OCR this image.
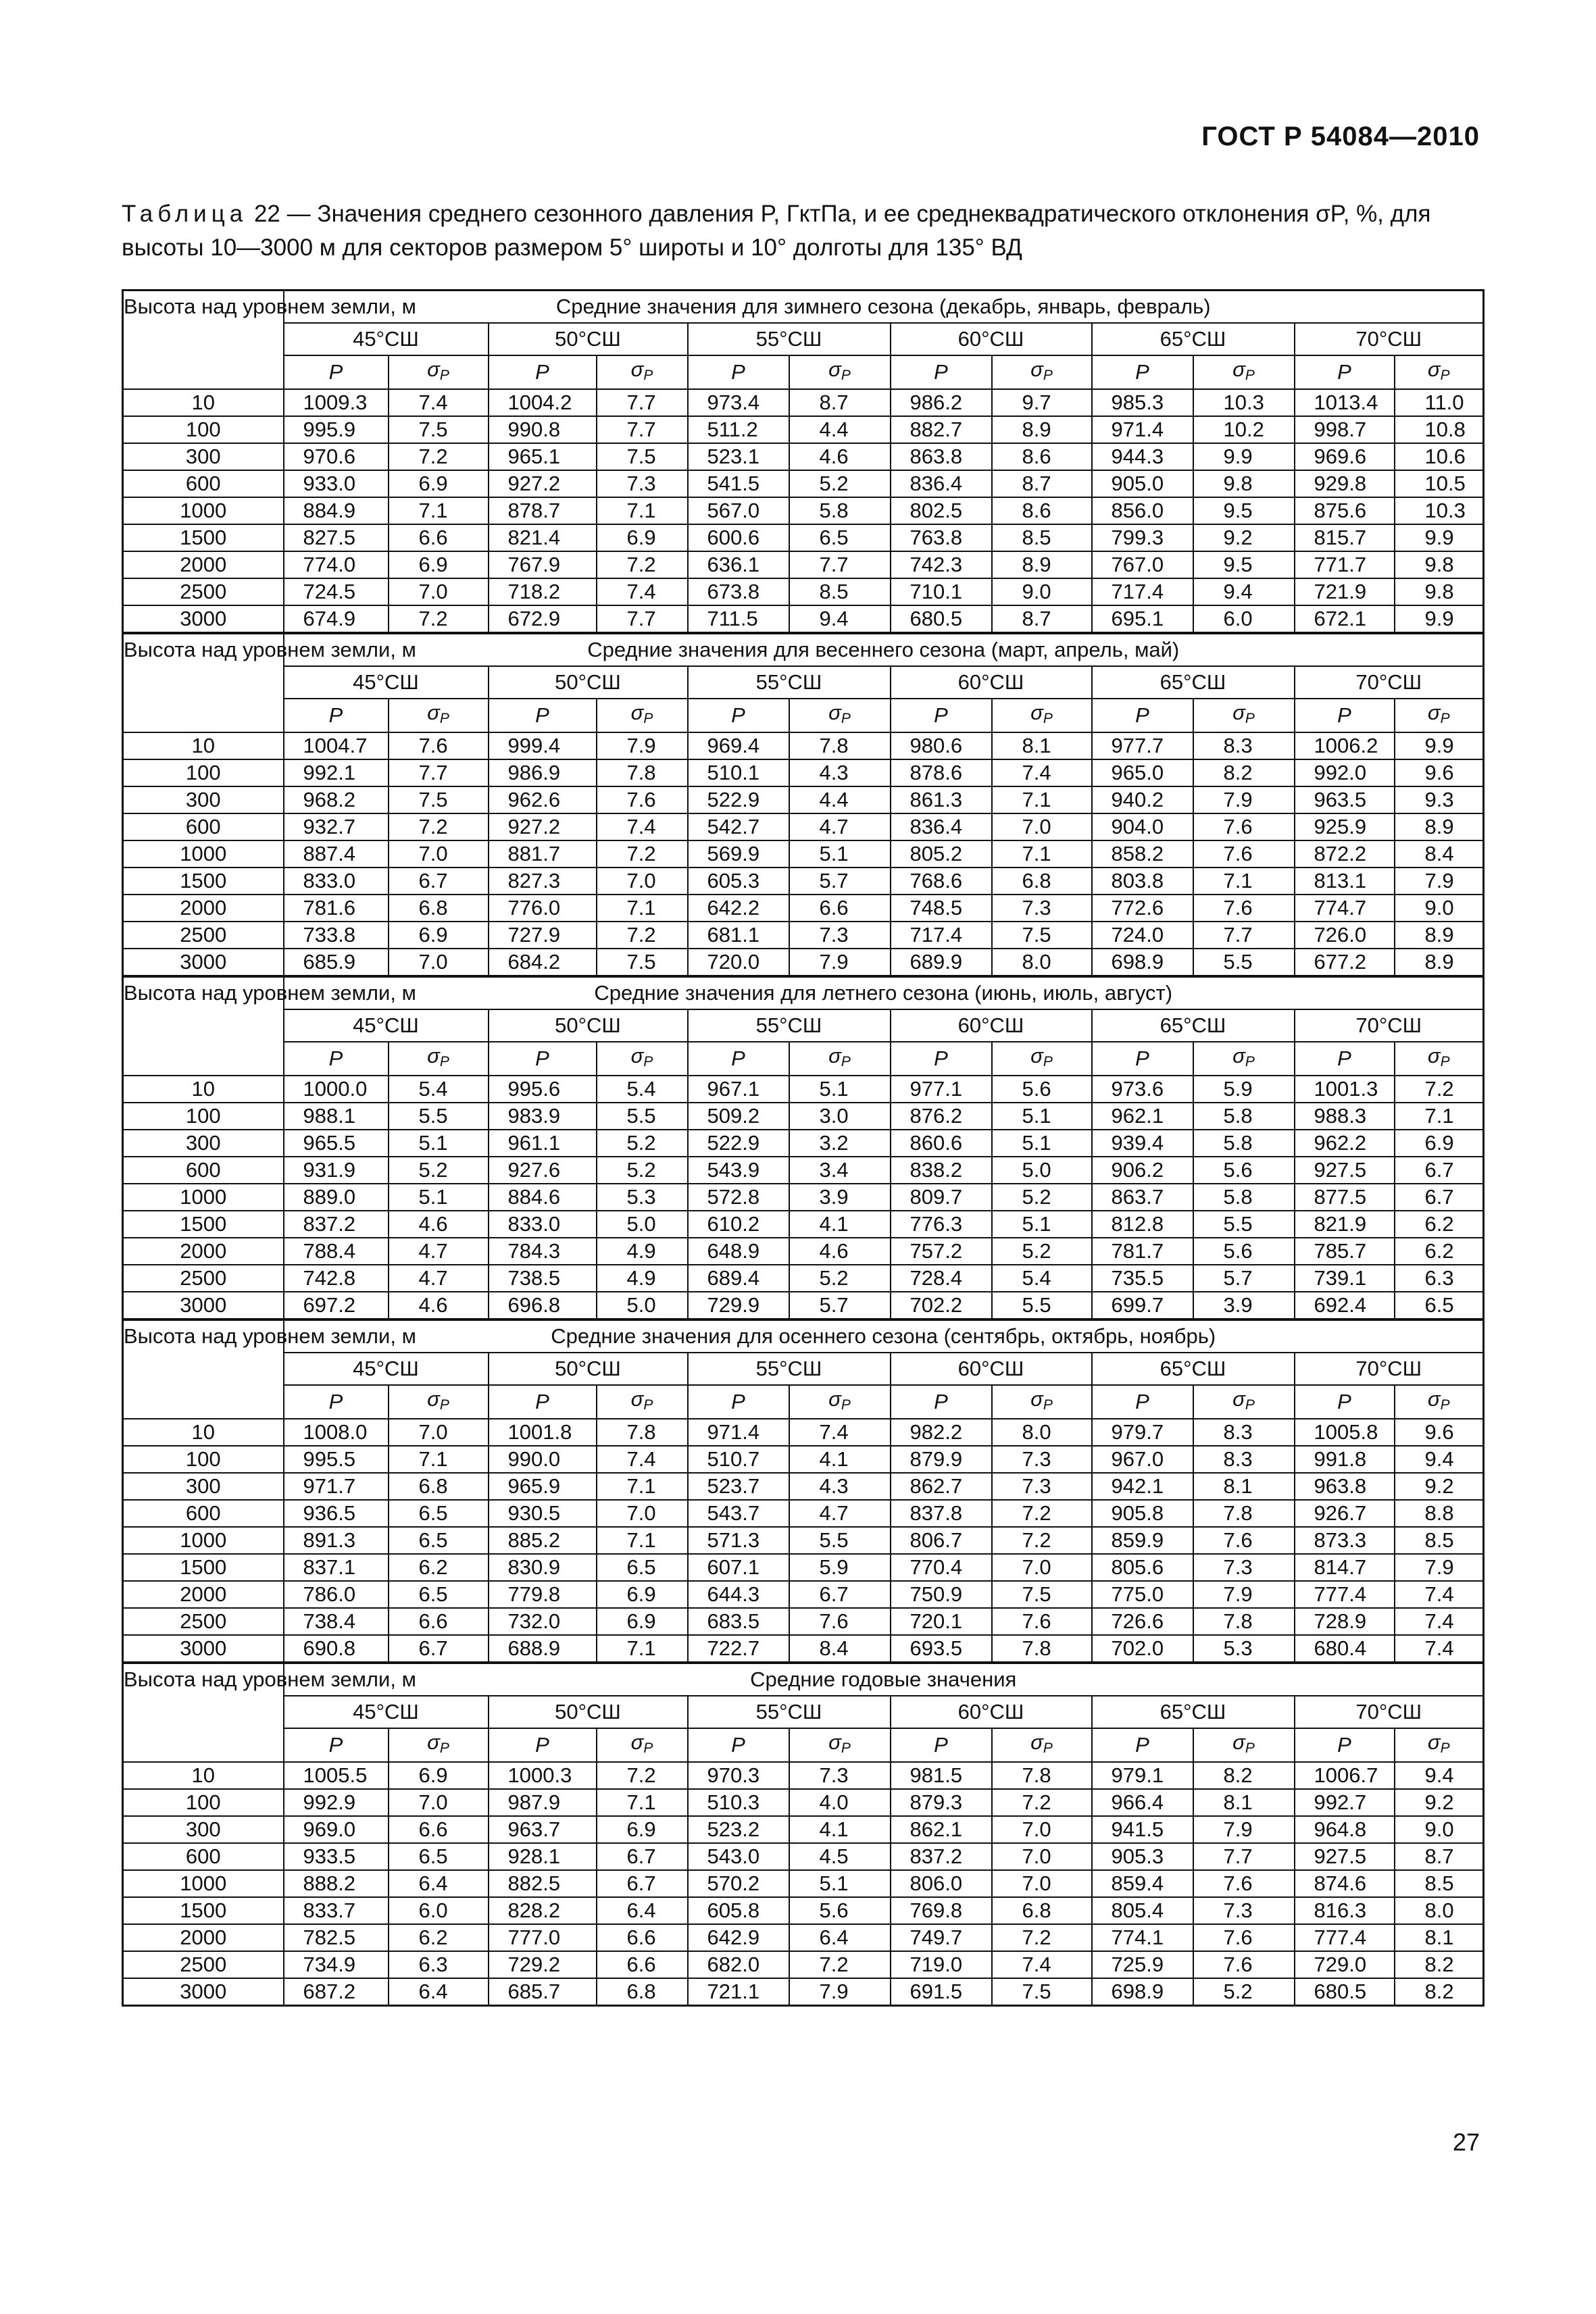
ГОСТ Р 54084—2010
Таблица 22 — Значения среднего сезонного давления P, ГктПа, и ее среднеквадратического отклонения σP, %, для высоты 10—3000 м для секторов размером 5° широты и 10° долготы для 135° ВД
Высота над уровнем земли, м	Средние значения для зимнего сезона (декабрь, январь, февраль)											
	45°СШ		50°СШ		55°СШ		60°СШ		65°СШ		70°СШ	
	P	$\sigma_P$	P	$\sigma_P$	P	$\sigma_P$	P	$\sigma_P$	P	$\sigma_P$	P	$\sigma_P$
10	1009.3	7.4	1004.2	7.7	973.4	8.7	986.2	9.7	985.3	10.3	1013.4	11.0
100	995.9	7.5	990.8	7.7	511.2	4.4	882.7	8.9	971.4	10.2	998.7	10.8
300	970.6	7.2	965.1	7.5	523.1	4.6	863.8	8.6	944.3	9.9	969.6	10.6
600	933.0	6.9	927.2	7.3	541.5	5.2	836.4	8.7	905.0	9.8	929.8	10.5
1000	884.9	7.1	878.7	7.1	567.0	5.8	802.5	8.6	856.0	9.5	875.6	10.3
1500	827.5	6.6	821.4	6.9	600.6	6.5	763.8	8.5	799.3	9.2	815.7	9.9
2000	774.0	6.9	767.9	7.2	636.1	7.7	742.3	8.9	767.0	9.5	771.7	9.8
2500	724.5	7.0	718.2	7.4	673.8	8.5	710.1	9.0	717.4	9.4	721.9	9.8
3000	674.9	7.2	672.9	7.7	711.5	9.4	680.5	8.7	695.1	6.0	672.1	9.9
Высота над уровнем земли, м	Средние значения для весеннего сезона (март, апрель, май)											
	45°СШ		50°СШ		55°СШ		60°СШ		65°СШ		70°СШ	
	P	$\sigma_P$	P	$\sigma_P$	P	$\sigma_P$	P	$\sigma_P$	P	$\sigma_P$	P	$\sigma_P$
10	1004.7	7.6	999.4	7.9	969.4	7.8	980.6	8.1	977.7	8.3	1006.2	9.9
100	992.1	7.7	986.9	7.8	510.1	4.3	878.6	7.4	965.0	8.2	992.0	9.6
300	968.2	7.5	962.6	7.6	522.9	4.4	861.3	7.1	940.2	7.9	963.5	9.3
600	932.7	7.2	927.2	7.4	542.7	4.7	836.4	7.0	904.0	7.6	925.9	8.9
1000	887.4	7.0	881.7	7.2	569.9	5.1	805.2	7.1	858.2	7.6	872.2	8.4
1500	833.0	6.7	827.3	7.0	605.3	5.7	768.6	6.8	803.8	7.1	813.1	7.9
2000	781.6	6.8	776.0	7.1	642.2	6.6	748.5	7.3	772.6	7.6	774.7	9.0
2500	733.8	6.9	727.9	7.2	681.1	7.3	717.4	7.5	724.0	7.7	726.0	8.9
3000	685.9	7.0	684.2	7.5	720.0	7.9	689.9	8.0	698.9	5.5	677.2	8.9
Высота над уровнем земли, м	Средние значения для летнего сезона (июнь, июль, август)											
	45°СШ		50°СШ		55°СШ		60°СШ		65°СШ		70°СШ	
	P	$\sigma_P$	P	$\sigma_P$	P	$\sigma_P$	P	$\sigma_P$	P	$\sigma_P$	P	$\sigma_P$
10	1000.0	5.4	995.6	5.4	967.1	5.1	977.1	5.6	973.6	5.9	1001.3	7.2
100	988.1	5.5	983.9	5.5	509.2	3.0	876.2	5.1	962.1	5.8	988.3	7.1
300	965.5	5.1	961.1	5.2	522.9	3.2	860.6	5.1	939.4	5.8	962.2	6.9
600	931.9	5.2	927.6	5.2	543.9	3.4	838.2	5.0	906.2	5.6	927.5	6.7
1000	889.0	5.1	884.6	5.3	572.8	3.9	809.7	5.2	863.7	5.8	877.5	6.7
1500	837.2	4.6	833.0	5.0	610.2	4.1	776.3	5.1	812.8	5.5	821.9	6.2
2000	788.4	4.7	784.3	4.9	648.9	4.6	757.2	5.2	781.7	5.6	785.7	6.2
2500	742.8	4.7	738.5	4.9	689.4	5.2	728.4	5.4	735.5	5.7	739.1	6.3
3000	697.2	4.6	696.8	5.0	729.9	5.7	702.2	5.5	699.7	3.9	692.4	6.5
Высота над уровнем земли, м	Средние значения для осеннего сезона (сентябрь, октябрь, ноябрь)											
	45°СШ		50°СШ		55°СШ		60°СШ		65°СШ		70°СШ	
	P	$\sigma_P$	P	$\sigma_P$	P	$\sigma_P$	P	$\sigma_P$	P	$\sigma_P$	P	$\sigma_P$
10	1008.0	7.0	1001.8	7.8	971.4	7.4	982.2	8.0	979.7	8.3	1005.8	9.6
100	995.5	7.1	990.0	7.4	510.7	4.1	879.9	7.3	967.0	8.3	991.8	9.4
300	971.7	6.8	965.9	7.1	523.7	4.3	862.7	7.3	942.1	8.1	963.8	9.2
600	936.5	6.5	930.5	7.0	543.7	4.7	837.8	7.2	905.8	7.8	926.7	8.8
1000	891.3	6.5	885.2	7.1	571.3	5.5	806.7	7.2	859.9	7.6	873.3	8.5
1500	837.1	6.2	830.9	6.5	607.1	5.9	770.4	7.0	805.6	7.3	814.7	7.9
2000	786.0	6.5	779.8	6.9	644.3	6.7	750.9	7.5	775.0	7.9	777.4	7.4
2500	738.4	6.6	732.0	6.9	683.5	7.6	720.1	7.6	726.6	7.8	728.9	7.4
3000	690.8	6.7	688.9	7.1	722.7	8.4	693.5	7.8	702.0	5.3	680.4	7.4
Высота над уровнем земли, м	Средние годовые значения											
	45°СШ		50°СШ		55°СШ		60°СШ		65°СШ		70°СШ	
	P	$\sigma_P$	P	$\sigma_P$	P	$\sigma_P$	P	$\sigma_P$	P	$\sigma_P$	P	$\sigma_P$
10	1005.5	6.9	1000.3	7.2	970.3	7.3	981.5	7.8	979.1	8.2	1006.7	9.4
100	992.9	7.0	987.9	7.1	510.3	4.0	879.3	7.2	966.4	8.1	992.7	9.2
300	969.0	6.6	963.7	6.9	523.2	4.1	862.1	7.0	941.5	7.9	964.8	9.0
600	933.5	6.5	928.1	6.7	543.0	4.5	837.2	7.0	905.3	7.7	927.5	8.7
1000	888.2	6.4	882.5	6.7	570.2	5.1	806.0	7.0	859.4	7.6	874.6	8.5
1500	833.7	6.0	828.2	6.4	605.8	5.6	769.8	6.8	805.4	7.3	816.3	8.0
2000	782.5	6.2	777.0	6.6	642.9	6.4	749.7	7.2	774.1	7.6	777.4	8.1
2500	734.9	6.3	729.2	6.6	682.0	7.2	719.0	7.4	725.9	7.6	729.0	8.2
3000	687.2	6.4	685.7	6.8	721.1	7.9	691.5	7.5	698.9	5.2	680.5	8.2
27
